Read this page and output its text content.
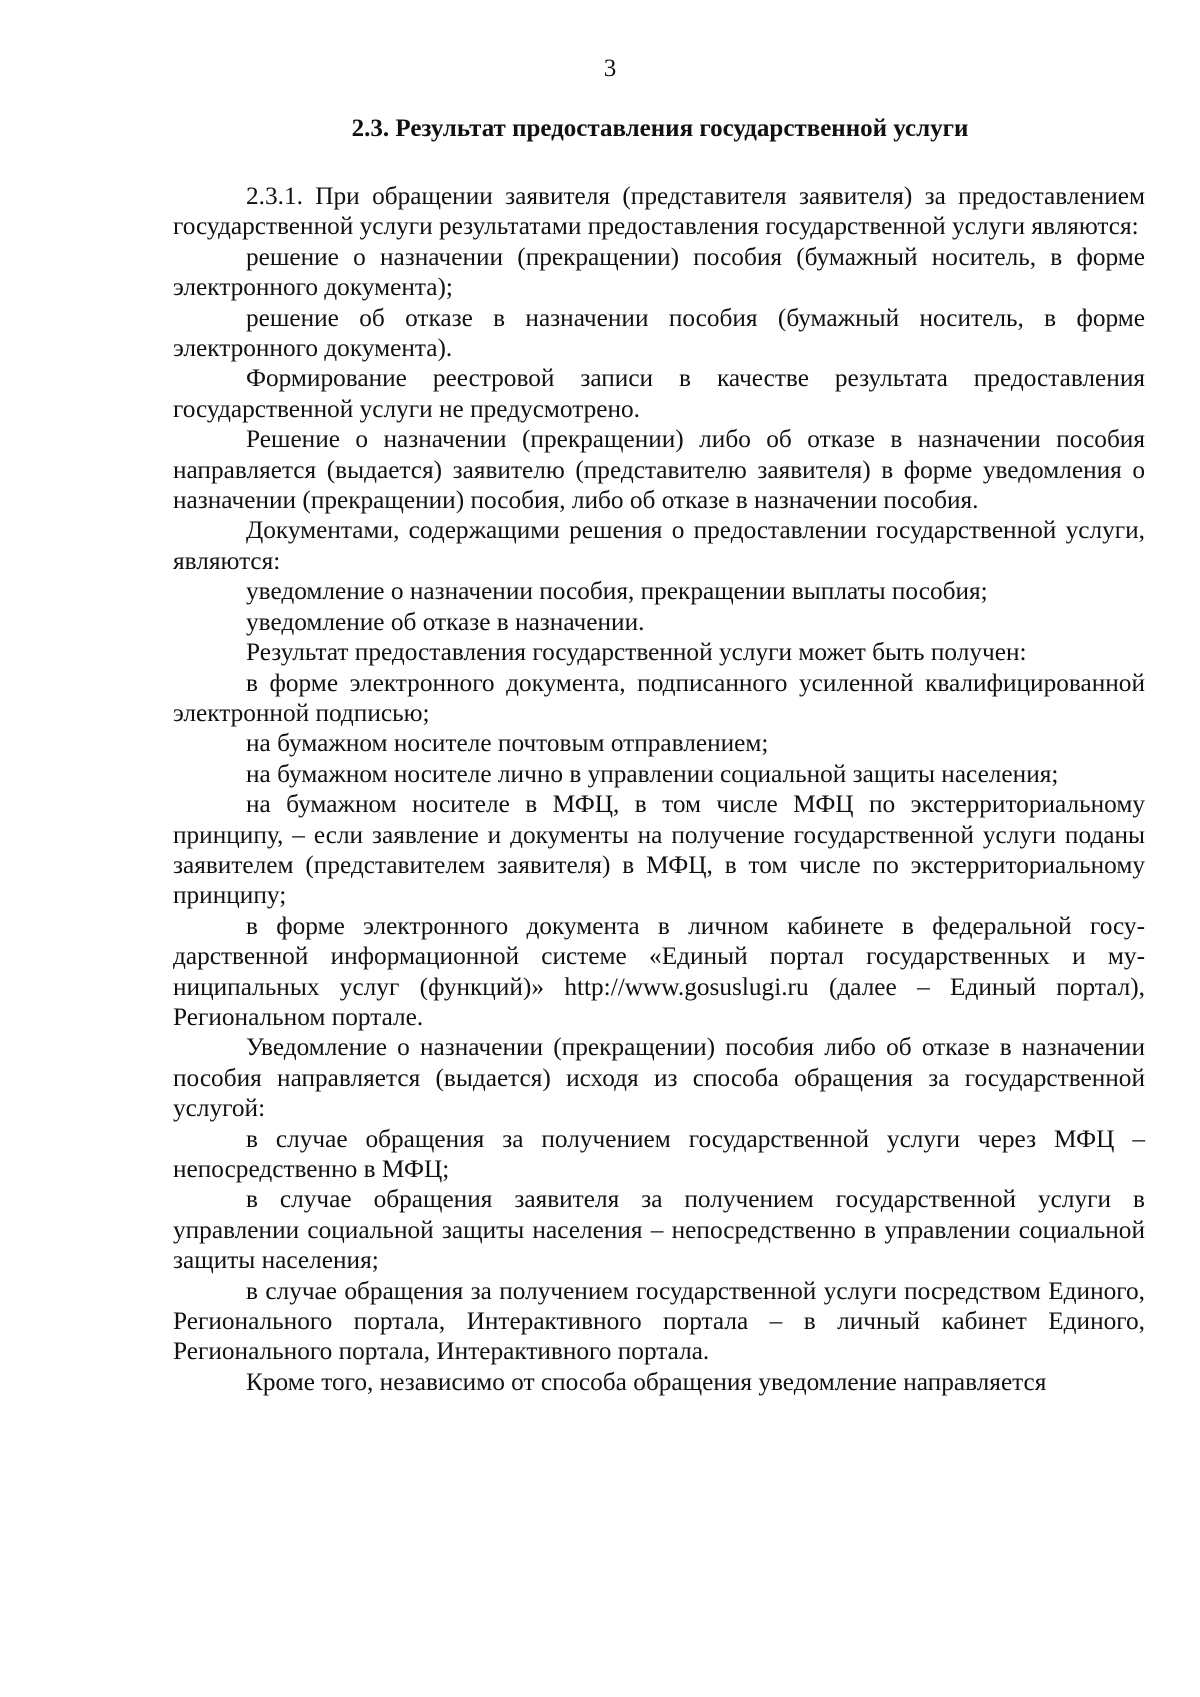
3
2.3. Результат предоставления государственной услуги

2.3.1. При обращении заявителя (представителя заявителя) за предоставлением государственной услуги результатами предоставления государственной услуги являются:

решение о назначении (прекращении) пособия (бумажный носитель, в форме электронного документа);

решение об отказе в назначении пособия (бумажный носитель, в форме электронного документа).

Формирование реестровой записи в качестве результата предоставления государственной услуги не предусмотрено.

Решение о назначении (прекращении) либо об отказе в назначении пособия направляется (выдается) заявителю (представителю заявителя) в форме уведомления о назначении (прекращении) пособия, либо об отказе в назначении пособия.

Документами, содержащими решения о предоставлении государственной услуги, являются:

уведомление о назначении пособия, прекращении выплаты пособия;

уведомление об отказе в назначении.

Результат предоставления государственной услуги может быть получен:

в форме электронного документа, подписанного усиленной квалифицированной электронной подписью;

на бумажном носителе почтовым отправлением;

на бумажном носителе лично в управлении социальной защиты населения;

на бумажном носителе в МФЦ, в том числе МФЦ по экстерриториальному принципу, – если заявление и документы на получение государственной услуги поданы заявителем (представителем заявителя) в МФЦ, в том числе по экстерриториальному принципу;

в форме электронного документа в личном кабинете в федеральной государственной информационной системе «Единый портал государственных и муниципальных услуг (функций)» http://www.gosuslugi.ru (далее – Единый портал), Региональном портале.

Уведомление о назначении (прекращении) пособия либо об отказе в назначении пособия направляется (выдается) исходя из способа обращения за государственной услугой:

в случае обращения за получением государственной услуги через МФЦ – непосредственно в МФЦ;

в случае обращения заявителя за получением государственной услуги в управлении социальной защиты населения – непосредственно в управлении социальной защиты населения;

в случае обращения за получением государственной услуги посредством Единого, Регионального портала, Интерактивного портала – в личный кабинет Единого, Регионального портала, Интерактивного портала.

Кроме того, независимо от способа обращения уведомление направляется
